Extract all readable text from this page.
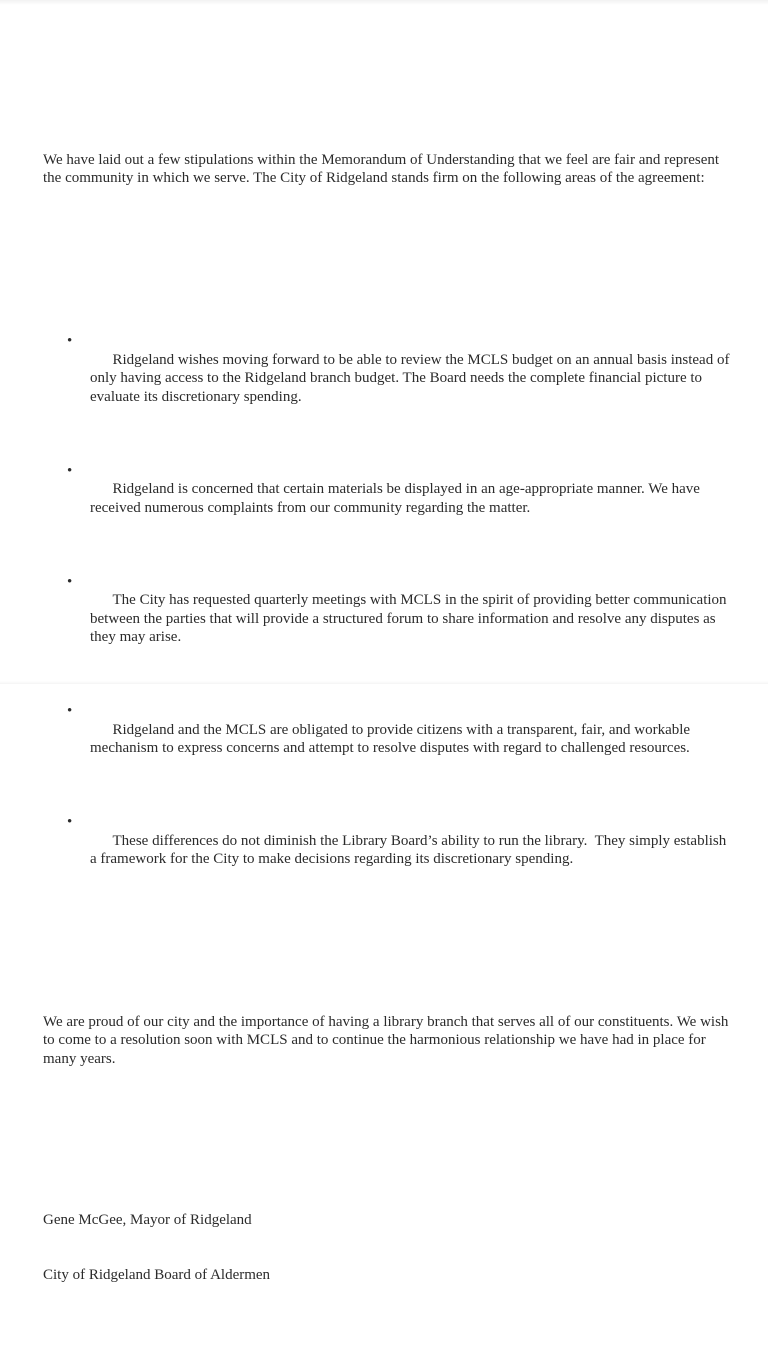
We have laid out a few stipulations within the Memorandum of Understanding that we feel are fair and represent the community in which we serve. The City of Ridgeland stands firm on the following areas of the agreement:

•
Ridgeland wishes moving forward to be able to review the MCLS budget on an annual basis instead of only having access to the Ridgeland branch budget. The Board needs the complete financial picture to evaluate its discretionary spending.

•
Ridgeland is concerned that certain materials be displayed in an age-appropriate manner. We have received numerous complaints from our community regarding the matter.

•
The City has requested quarterly meetings with MCLS in the spirit of providing better communication between the parties that will provide a structured forum to share information and resolve any disputes as they may arise.

•
Ridgeland and the MCLS are obligated to provide citizens with a transparent, fair, and workable mechanism to express concerns and attempt to resolve disputes with regard to challenged resources.

•
These differences do not diminish the Library Board’s ability to run the library.  They simply establish a framework for the City to make decisions regarding its discretionary spending.

We are proud of our city and the importance of having a library branch that serves all of our constituents. We wish to come to a resolution soon with MCLS and to continue the harmonious relationship we have had in place for many years.

Gene McGee, Mayor of Ridgeland

City of Ridgeland Board of Aldermen
